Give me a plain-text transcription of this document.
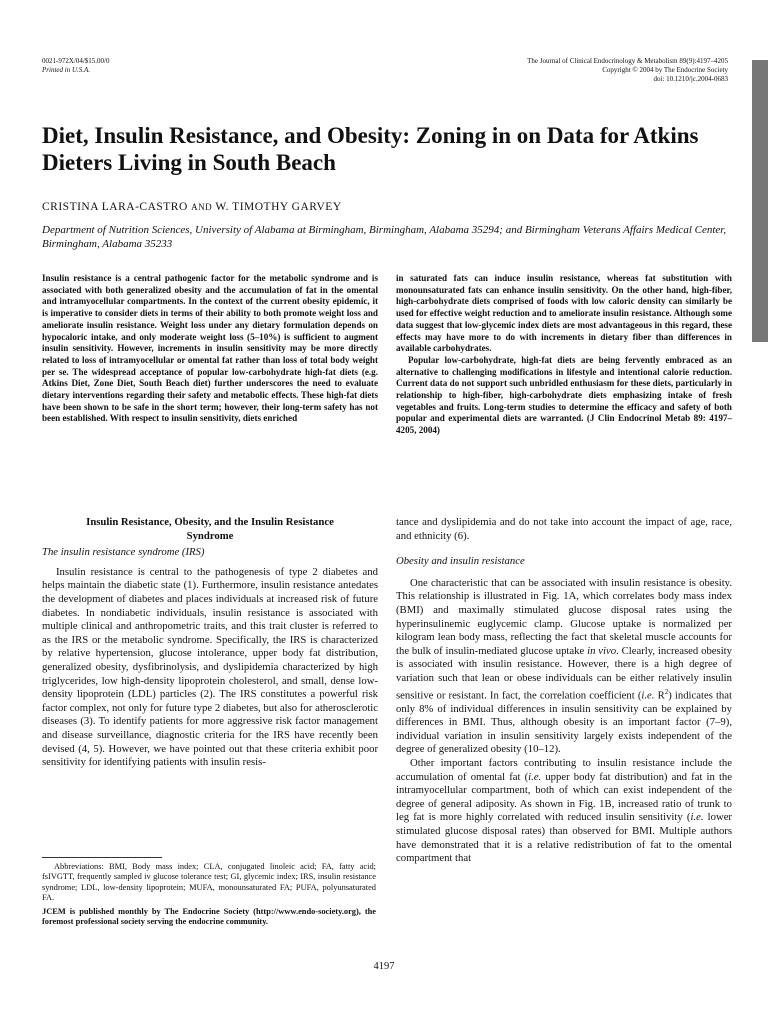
0021-972X/04/$15.00/0
Printed in U.S.A.
The Journal of Clinical Endocrinology & Metabolism 89(9):4197–4205
Copyright © 2004 by The Endocrine Society
doi: 10.1210/jc.2004-0683
Diet, Insulin Resistance, and Obesity: Zoning in on Data for Atkins Dieters Living in South Beach
CRISTINA LARA-CASTRO AND W. TIMOTHY GARVEY
Department of Nutrition Sciences, University of Alabama at Birmingham, Birmingham, Alabama 35294; and Birmingham Veterans Affairs Medical Center, Birmingham, Alabama 35233

Insulin resistance is a central pathogenic factor for the metabolic syndrome and is associated with both generalized obesity and the accumulation of fat in the omental and intramyocellular compartments. In the context of the current obesity epidemic, it is imperative to consider diets in terms of their ability to both promote weight loss and ameliorate insulin resistance. Weight loss under any dietary formulation depends on hypocaloric intake, and only moderate weight loss (5–10%) is sufficient to augment insulin sensitivity. However, increments in insulin sensitivity may be more directly related to loss of intramyocellular or omental fat rather than loss of total body weight per se. The widespread acceptance of popular low-carbohydrate high-fat diets (e.g. Atkins Diet, Zone Diet, South Beach diet) further underscores the need to evaluate dietary interventions regarding their safety and metabolic effects. These high-fat diets have been shown to be safe in the short term; however, their long-term safety has not been established. With respect to insulin sensitivity, diets enriched

in saturated fats can induce insulin resistance, whereas fat substitution with monounsaturated fats can enhance insulin sensitivity. On the other hand, high-fiber, high-carbohydrate diets comprised of foods with low caloric density can similarly be used for effective weight reduction and to ameliorate insulin resistance. Although some data suggest that low-glycemic index diets are most advantageous in this regard, these effects may have more to do with increments in dietary fiber than differences in available carbohydrates.

Popular low-carbohydrate, high-fat diets are being fervently embraced as an alternative to challenging modifications in lifestyle and intentional calorie reduction. Current data do not support such unbridled enthusiasm for these diets, particularly in relationship to high-fiber, high-carbohydrate diets emphasizing intake of fresh vegetables and fruits. Long-term studies to determine the efficacy and safety of both popular and experimental diets are warranted. (J Clin Endocrinol Metab 89: 4197–4205, 2004)

Insulin Resistance, Obesity, and the Insulin Resistance Syndrome
The insulin resistance syndrome (IRS)

Insulin resistance is central to the pathogenesis of type 2 diabetes and helps maintain the diabetic state (1). Furthermore, insulin resistance antedates the development of diabetes and places individuals at increased risk of future diabetes. In nondiabetic individuals, insulin resistance is associated with multiple clinical and anthropometric traits, and this trait cluster is referred to as the IRS or the metabolic syndrome. Specifically, the IRS is characterized by relative hypertension, glucose intolerance, upper body fat distribution, generalized obesity, dysfibrinolysis, and dyslipidemia characterized by high triglycerides, low high-density lipoprotein cholesterol, and small, dense low-density lipoprotein (LDL) particles (2). The IRS constitutes a powerful risk factor complex, not only for future type 2 diabetes, but also for atherosclerotic diseases (3). To identify patients for more aggressive risk factor management and disease surveillance, diagnostic criteria for the IRS have recently been devised (4, 5). However, we have pointed out that these criteria exhibit poor sensitivity for identifying patients with insulin resis-

Abbreviations: BMI, Body mass index; CLA, conjugated linoleic acid; FA, fatty acid; fsIVGTT, frequently sampled iv glucose tolerance test; GI, glycemic index; IRS, insulin resistance syndrome; LDL, low-density lipoprotein; MUFA, monounsaturated FA; PUFA, polyunsaturated FA.

JCEM is published monthly by The Endocrine Society (http://www.endo-society.org), the foremost professional society serving the endocrine community.

tance and dyslipidemia and do not take into account the impact of age, race, and ethnicity (6).

Obesity and insulin resistance

One characteristic that can be associated with insulin resistance is obesity. This relationship is illustrated in Fig. 1A, which correlates body mass index (BMI) and maximally stimulated glucose disposal rates using the hyperinsulinemic euglycemic clamp. Glucose uptake is normalized per kilogram lean body mass, reflecting the fact that skeletal muscle accounts for the bulk of insulin-mediated glucose uptake in vivo. Clearly, increased obesity is associated with insulin resistance. However, there is a high degree of variation such that lean or obese individuals can be either relatively insulin sensitive or resistant. In fact, the correlation coefficient (i.e. $R^2$) indicates that only 8% of individual differences in insulin sensitivity can be explained by differences in BMI. Thus, although obesity is an important factor (7–9), individual variation in insulin sensitivity largely exists independent of the degree of generalized obesity (10–12).

Other important factors contributing to insulin resistance include the accumulation of omental fat (i.e. upper body fat distribution) and fat in the intramyocellular compartment, both of which can exist independent of the degree of general adiposity. As shown in Fig. 1B, increased ratio of trunk to leg fat is more highly correlated with reduced insulin sensitivity (i.e. lower stimulated glucose disposal rates) than observed for BMI. Multiple authors have demonstrated that it is a relative redistribution of fat to the omental compartment that

4197
